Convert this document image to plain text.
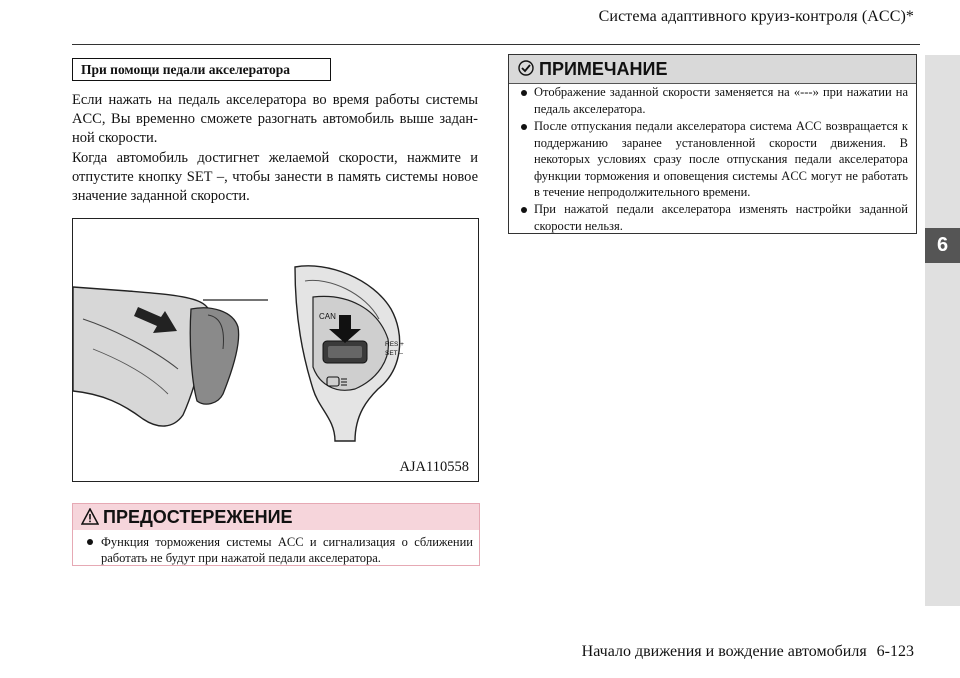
Система адаптивного круиз-контроля (ACC)*
6
При помощи педали акселератора

Если нажать на педаль акселератора во время работы системы ACC, Вы временно сможете разогнать автомобиль выше задан-ной скорости.

Когда автомобиль достигнет желаемой скорости, нажмите и отпустите кнопку SET –, чтобы занести в память системы новое значение заданной скорости.

CAN
RES +
SET –
AJA110558
ПРЕДОСТЕРЕЖЕНИЕ
Функция торможения системы ACC и сигнализация о сближении работать не будут при нажатой педали акселератора.
ПРИМЕЧАНИЕ
Отображение заданной скорости заменяется на «---» при нажатии на педаль акселератора.
После отпускания педали акселератора система ACC возвращается к поддержанию заранее установленной скорости движения. В некоторых условиях сразу после отпускания педали акселератора функции торможения и оповещения системы ACC могут не работать в течение непродолжительного времени.
При нажатой педали акселератора изменять настройки заданной скорости нельзя.
Начало движения и вождение автомобиля 6-123
